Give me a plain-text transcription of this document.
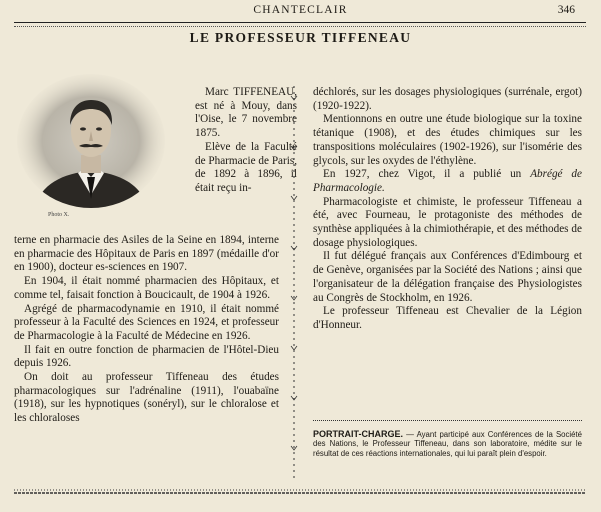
CHANTECLAIR	346
LE PROFESSEUR TIFFENEAU
Photo X.

Marc TIFFENEAU, est né à Mouy, dans l'Oise, le 7 novembre 1875.

Elève de la Faculté de Pharmacie de Paris, de 1892 à 1896, il était reçu in-

terne en pharmacie des Asiles de la Seine en 1894, interne en pharmacie des Hôpitaux de Paris en 1897 (médaille d'or en 1900), docteur es-sciences en 1907.

En 1904, il était nommé pharmacien des Hôpitaux, et comme tel, faisait fonction à Boucicault, de 1904 à 1926.

Agrégé de pharmacodynamie en 1910, il était nommé professeur à la Faculté des Sciences en 1924, et professeur de Pharmacologie à la Faculté de Médecine en 1926.

Il fait en outre fonction de pharmacien de l'Hôtel-Dieu depuis 1926.

On doit au professeur Tiffeneau des études pharmacologiques sur l'adrénaline (1911), l'ouabaïne (1918), sur les hypnotiques (sonéryl), sur le chloralose et les chloraloses

déchlorés, sur les dosages physiologiques (surrénale, ergot) (1920-1922).

Mentionnons en outre une étude biologique sur la toxine tétanique (1908), et des études chimiques sur les transpositions moléculaires (1902-1926), sur l'isomérie des glycols, sur les oxydes de l'éthylène.

En 1927, chez Vigot, il a publié un Abrégé de Pharmacologie.

Pharmacologiste et chimiste, le professeur Tiffeneau a été, avec Fourneau, le protagoniste des méthodes de synthèse appliquées à la chimiothérapie, et des méthodes de dosage physiologiques.

Il fut délégué français aux Conférences d'Edimbourg et de Genève, organisées par la Société des Nations ; ainsi que l'organisateur de la délégation française des Physiologistes au Congrès de Stockholm, en 1926.

Le professeur Tiffeneau est Chevalier de la Légion d'Honneur.

PORTRAIT-CHARGE. — Ayant participé aux Conférences de la Société des Nations, le Professeur Tiffeneau, dans son laboratoire, médite sur le résultat de ces réactions internationales, qui lui paraît plein d'espoir.
